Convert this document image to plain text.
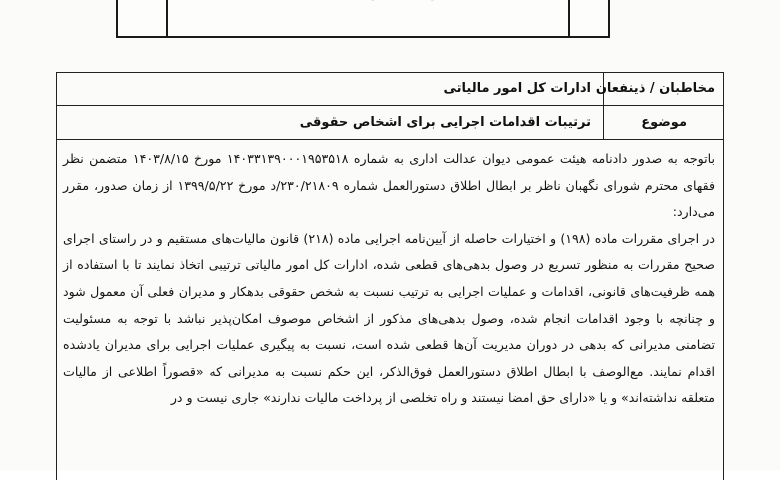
مخاطبان / ذینفعان
ادارات کل امور مالیاتی
موضوع
ترتیبات اقدامات اجرایی برای اشخاص حقوقی

باتوجه به صدور دادنامه هیئت عمومی دیوان عدالت اداری به شماره ۱۴۰۳۳۱۳۹۰۰۰۱۹۵۳۵۱۸ مورخ ۱۴۰۳/۸/۱۵ متضمن نظر فقهای محترم شورای نگهبان ناظر بر ابطال اطلاق دستورالعمل شماره ۲۳۰/۲۱۸۰۹/د مورخ ۱۳۹۹/۵/۲۲ از زمان صدور، مقرر می‌دارد:

در اجرای مقررات ماده (۱۹۸) و اختیارات حاصله از آیین‌نامه اجرایی ماده (۲۱۸) قانون مالیات‌های مستقیم و در راستای اجرای صحیح مقررات به منظور تسریع در وصول بدهی‌های قطعی شده، ادارات کل امور مالیاتی ترتیبی اتخاذ نمایند تا با استفاده از همه ظرفیت‌های قانونی، اقدامات و عملیات اجرایی به ترتیب نسبت به شخص حقوقی بدهکار و مدیران فعلی آن معمول شود و چنانچه با وجود اقدامات انجام شده، وصول بدهی‌های مذکور از اشخاص موصوف امکان‌پذیر نباشد با توجه به مسئولیت تضامنی مدیرانی که بدهی در دوران مدیریت آن‌ها قطعی شده است، نسبت به پیگیری عملیات اجرایی برای مدیران یادشده اقدام نمایند. مع‌الوصف با ابطال اطلاق دستورالعمل فوق‌الذکر، این حکم نسبت به مدیرانی که «قصوراً اطلاعی از مالیات متعلقه نداشته‌اند» و یا «دارای حق امضا نیستند و راه تخلصی از پرداخت مالیات ندارند» جاری نیست و در
